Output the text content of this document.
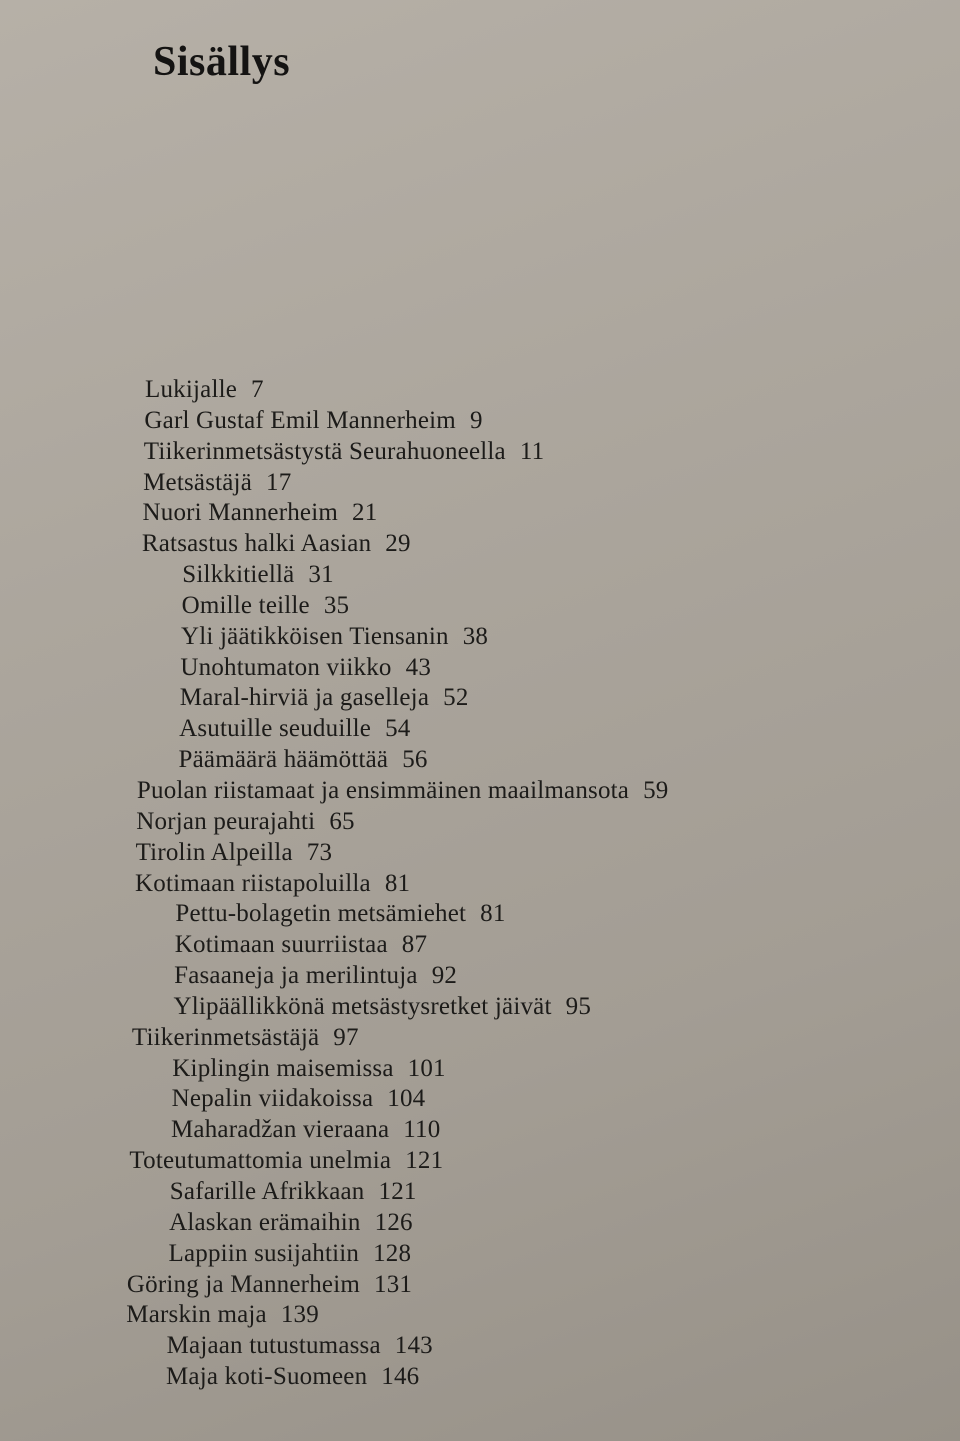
Sisällys
Lukijalle 7
Garl Gustaf Emil Mannerheim 9
Tiikerinmetsästystä Seurahuoneella 11
Metsästäjä 17
Nuori Mannerheim 21
Ratsastus halki Aasian 29
Silkkitiellä 31
Omille teille 35
Yli jäätikköisen Tiensanin 38
Unohtumaton viikko 43
Maral-hirviä ja gaselleja 52
Asutuille seuduille 54
Päämäärä häämöttää 56
Puolan riistamaat ja ensimmäinen maailmansota 59
Norjan peurajahti 65
Tirolin Alpeilla 73
Kotimaan riistapoluilla 81
Pettu-bolagetin metsämiehet 81
Kotimaan suurriistaa 87
Fasaaneja ja merilintuja 92
Ylipäällikkönä metsästysretket jäivät 95
Tiikerinmetsästäjä 97
Kiplingin maisemissa 101
Nepalin viidakoissa 104
Maharadžan vieraana 110
Toteutumattomia unelmia 121
Safarille Afrikkaan 121
Alaskan erämaihin 126
Lappiin susijahtiin 128
Göring ja Mannerheim 131
Marskin maja 139
Majaan tutustumassa 143
Maja koti-Suomeen 146
